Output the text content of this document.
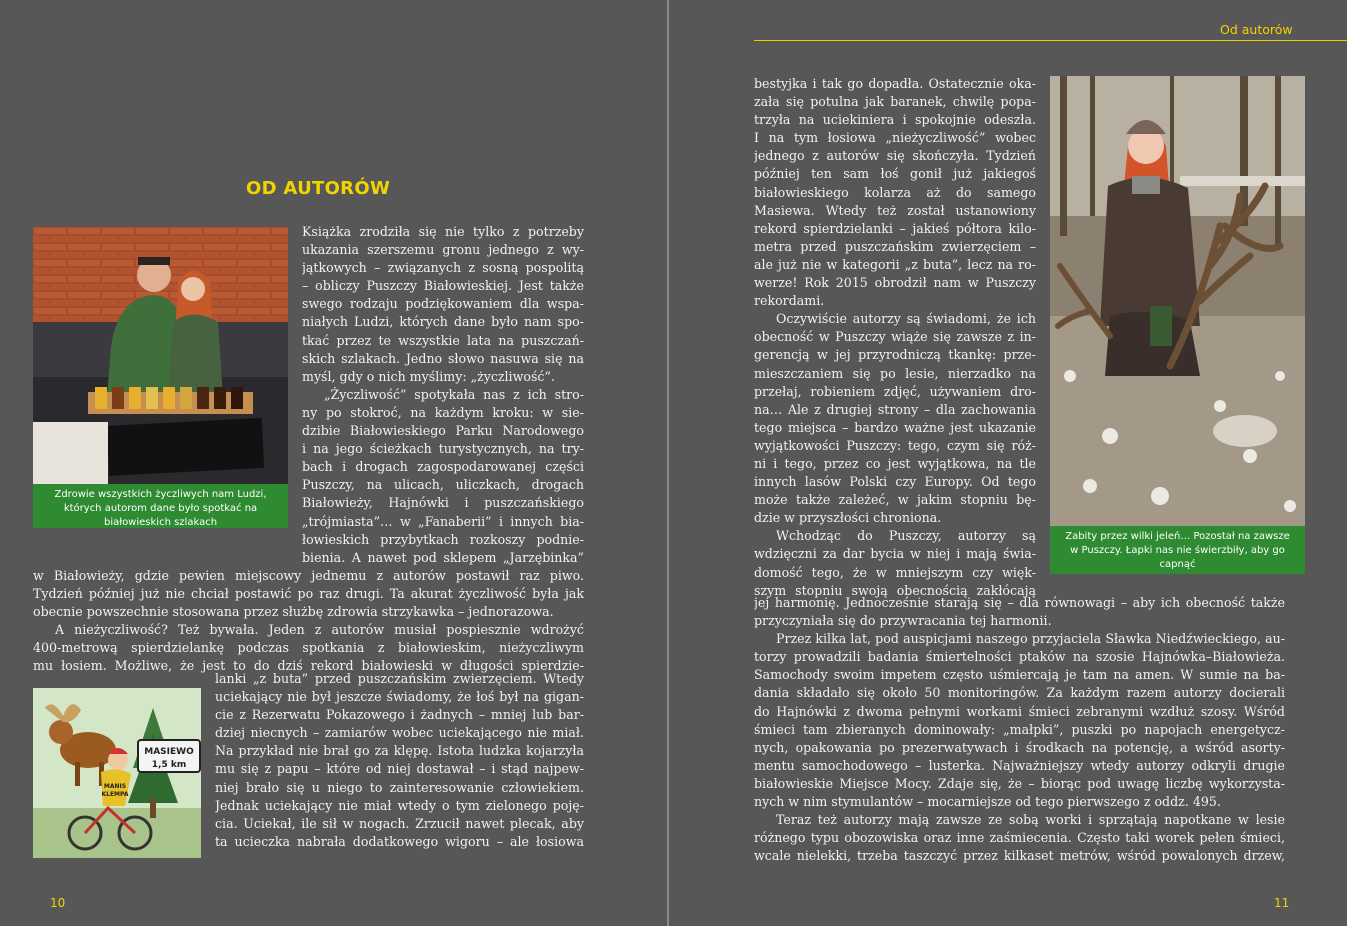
OD AUTORÓW
Zdrowie wszystkich życzliwych nam Ludzi,
których autorom dane było spotkać na
białowieskich szlakach

Książka zrodziła się nie tylko z potrzeby

ukazania szerszemu gronu jednego z wy-

jątkowych – związanych z sosną pospolitą

– obliczy Puszczy Białowieskiej. Jest także

swego rodzaju podziękowaniem dla wspa-

niałych Ludzi, których dane było nam spo-

tkać przez te wszystkie lata na puszczań-

skich szlakach. Jedno słowo nasuwa się na

myśl, gdy o nich myślimy: „życzliwość”.

„Życzliwość” spotykała nas z ich stro-

ny po stokroć, na każdym kroku: w sie-

dzibie Białowieskiego Parku Narodowego

i na jego ścieżkach turystycznych, na try-

bach i drogach zagospodarowanej części

Puszczy, na ulicach, uliczkach, drogach

Białowieży, Hajnówki i puszczańskiego

„trójmiasta”… w „Fanaberii” i innych bia-

łowieskich przybytkach rozkoszy podnie-

bienia. A nawet pod sklepem „Jarzębinka”

w Białowieży, gdzie pewien miejscowy jednemu z autorów postawił raz piwo.

Tydzień później już nie chciał postawić po raz drugi. Ta akurat życzliwość była jak

obecnie powszechnie stosowana przez służbę zdrowia strzykawka – jednorazowa.

A nieżyczliwość? Też bywała. Jeden z autorów musiał pospiesznie wdrożyć

400-metrową spierdzielankę podczas spotkania z białowieskim, nieżyczliwym

mu łosiem. Możliwe, że jest to do dziś rekord białowieski w długości spierdzie-

MASIEWO
1,5 km
MANIS
KLEMPA

lanki „z buta” przed puszczańskim zwierzęciem. Wtedy

uciekający nie był jeszcze świadomy, że łoś był na gigan-

cie z Rezerwatu Pokazowego i żadnych – mniej lub bar-

dziej niecnych – zamiarów wobec uciekającego nie miał.

Na przykład nie brał go za klępę. Istota ludzka kojarzyła

mu się z papu – które od niej dostawał – i stąd najpew-

niej brało się u niego to zainteresowanie człowiekiem.

Jednak uciekający nie miał wtedy o tym zielonego poję-

cia. Uciekał, ile sił w nogach. Zrzucił nawet plecak, aby

ta ucieczka nabrała dodatkowego wigoru – ale łosiowa

10
Od autorów

bestyjka i tak go dopadła. Ostatecznie oka-

zała się potulna jak baranek, chwilę popa-

trzyła na uciekiniera i spokojnie odeszła.

I na tym łosiowa „nieżyczliwość” wobec

jednego z autorów się skończyła. Tydzień

później ten sam łoś gonił już jakiegoś

białowieskiego kolarza aż do samego

Masiewa. Wtedy też został ustanowiony

rekord spierdzielanki – jakieś półtora kilo-

metra przed puszczańskim zwierzęciem –

ale już nie w kategorii „z buta”, lecz na ro-

werze! Rok 2015 obrodził nam w Puszczy

rekordami.

Oczywiście autorzy są świadomi, że ich

obecność w Puszczy wiąże się zawsze z in-

gerencją w jej przyrodniczą tkankę: prze-

mieszczaniem się po lesie, nierzadko na

przełaj, robieniem zdjęć, używaniem dro-

na… Ale z drugiej strony – dla zachowania

tego miejsca – bardzo ważne jest ukazanie

wyjątkowości Puszczy: tego, czym się róż-

ni i tego, przez co jest wyjątkowa, na tle

innych lasów Polski czy Europy. Od tego

może także zależeć, w jakim stopniu bę-

dzie w przyszłości chroniona.

Wchodząc do Puszczy, autorzy są

wdzięczni za dar bycia w niej i mają świa-

domość tego, że w mniejszym czy więk-

szym stopniu swoją obecnością zakłócają

Zabity przez wilki jeleń… Pozostał na zawsze
w Puszczy. Łapki nas nie świerzbiły, aby go
capnąć

jej harmonię. Jednocześnie starają się – dla równowagi – aby ich obecność także

przyczyniała się do przywracania tej harmonii.

Przez kilka lat, pod auspicjami naszego przyjaciela Sławka Niedźwieckiego, au-

torzy prowadzili badania śmiertelności ptaków na szosie Hajnówka–Białowieża.

Samochody swoim impetem często uśmiercają je tam na amen. W sumie na ba-

dania składało się około 50 monitoringów. Za każdym razem autorzy docierali

do Hajnówki z dwoma pełnymi workami śmieci zebranymi wzdłuż szosy. Wśród

śmieci tam zbieranych dominowały: „małpki”, puszki po napojach energetycz-

nych, opakowania po prezerwatywach i środkach na potencję, a wśród asorty-

mentu samochodowego – lusterka. Najważniejszy wtedy autorzy odkryli drugie

białowieskie Miejsce Mocy. Zdaje się, że – biorąc pod uwagę liczbę wykorzysta-

nych w nim stymulantów – mocarniejsze od tego pierwszego z oddz. 495.

Teraz też autorzy mają zawsze ze sobą worki i sprzątają napotkane w lesie

różnego typu obozowiska oraz inne zaśmiecenia. Często taki worek pełen śmieci,

wcale nielekki, trzeba taszczyć przez kilkaset metrów, wśród powalonych drzew,

11
